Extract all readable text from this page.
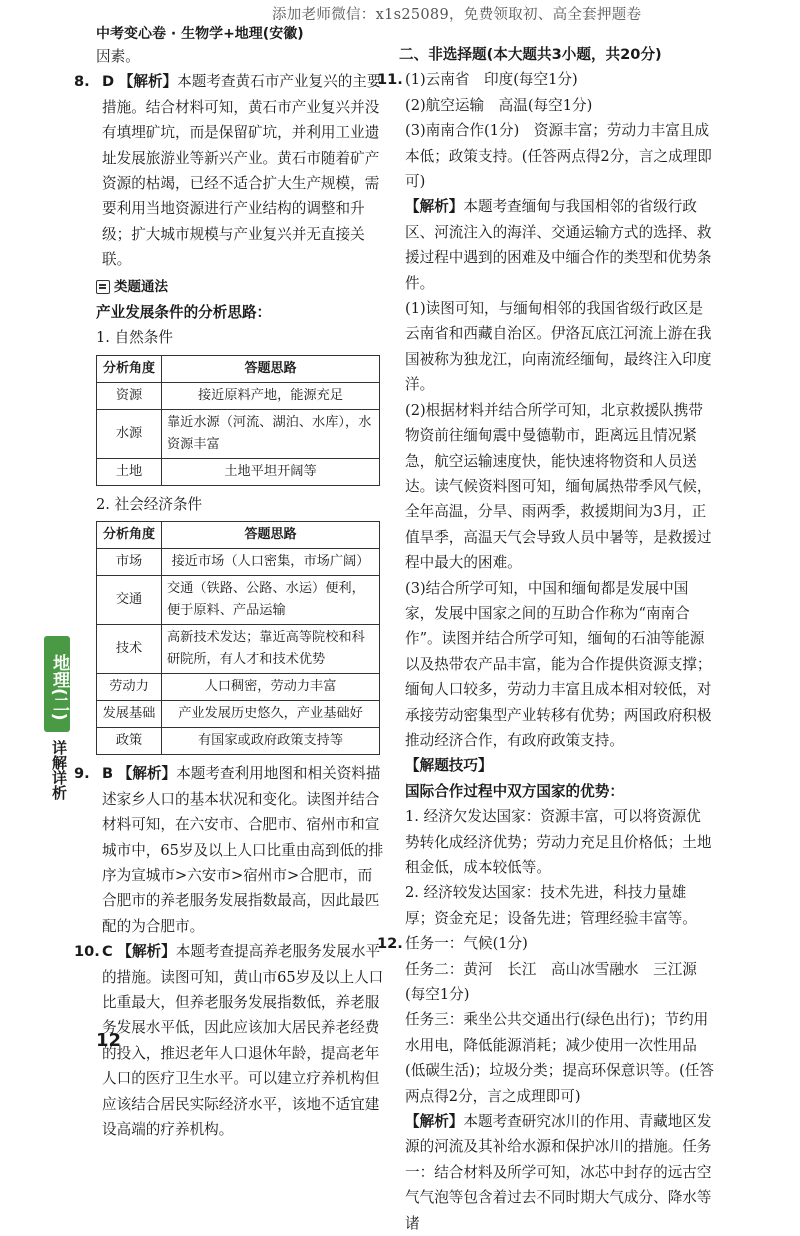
添加老师微信：x1s25089，免费领取初、高全套押题卷
中考变心卷 · 生物学+地理(安徽)

因素。

8. D 【解析】本题考查黄石市产业复兴的主要措施。结合材料可知，黄石市产业复兴并没有填埋矿坑，而是保留矿坑，并利用工业遗址发展旅游业等新兴产业。黄石市随着矿产资源的枯竭，已经不适合扩大生产规模，需要利用当地资源进行产业结构的调整和升级；扩大城市规模与产业复兴并无直接关联。
类题通法

产业发展条件的分析思路：

1. 自然条件

分析角度	答题思路
资源	接近原料产地，能源充足
水源	靠近水源（河流、湖泊、水库），水资源丰富
土地	土地平坦开阔等

2. 社会经济条件

分析角度	答题思路
市场	接近市场（人口密集，市场广阔）
交通	交通（铁路、公路、水运）便利，便于原料、产品运输
技术	高新技术发达；靠近高等院校和科研院所，有人才和技术优势
劳动力	人口稠密，劳动力丰富
发展基础	产业发展历史悠久，产业基础好
政策	有国家或政府政策支持等
9. B 【解析】本题考查利用地图和相关资料描述家乡人口的基本状况和变化。读图并结合材料可知，在六安市、合肥市、宿州市和宣城市中，65岁及以上人口比重由高到低的排序为宣城市>六安市>宿州市>合肥市，而合肥市的养老服务发展指数最高，因此最匹配的为合肥市。
10. C 【解析】本题考查提高养老服务发展水平的措施。读图可知，黄山市65岁及以上人口比重最大，但养老服务发展指数低，养老服务发展水平低，因此应该加大居民养老经费的投入，推迟老年人口退休年龄，提高老年人口的医疗卫生水平。可以建立疗养机构但应该结合居民实际经济水平，该地不适宜建设高端的疗养机构。

二、非选择题(本大题共3小题，共20分)

11. (1)云南省　印度(每空1分)

(2)航空运输　高温(每空1分)

(3)南南合作(1分)　资源丰富；劳动力丰富且成本低；政策支持。(任答两点得2分，言之成理即可)

【解析】本题考查缅甸与我国相邻的省级行政区、河流注入的海洋、交通运输方式的选择、救援过程中遇到的困难及中缅合作的类型和优势条件。

(1)读图可知，与缅甸相邻的我国省级行政区是云南省和西藏自治区。伊洛瓦底江河流上游在我国被称为独龙江，向南流经缅甸，最终注入印度洋。

(2)根据材料并结合所学可知，北京救援队携带物资前往缅甸震中曼德勒市，距离远且情况紧急，航空运输速度快，能快速将物资和人员送达。读气候资料图可知，缅甸属热带季风气候，全年高温，分旱、雨两季，救援期间为3月，正值旱季，高温天气会导致人员中暑等，是救援过程中最大的困难。

(3)结合所学可知，中国和缅甸都是发展中国家，发展中国家之间的互助合作称为“南南合作”。读图并结合所学可知，缅甸的石油等能源以及热带农产品丰富，能为合作提供资源支撑；缅甸人口较多，劳动力丰富且成本相对较低，对承接劳动密集型产业转移有优势；两国政府积极推动经济合作，有政府政策支持。

【解题技巧】

国际合作过程中双方国家的优势：

1. 经济欠发达国家：资源丰富，可以将资源优势转化成经济优势；劳动力充足且价格低；土地租金低，成本较低等。

2. 经济较发达国家：技术先进，科技力量雄厚；资金充足；设备先进；管理经验丰富等。

12. 任务一：气候(1分)

任务二：黄河　长江　高山冰雪融水　三江源(每空1分)

任务三：乘坐公共交通出行(绿色出行)；节约用水用电，降低能源消耗；减少使用一次性用品(低碳生活)；垃圾分类；提高环保意识等。(任答两点得2分，言之成理即可)

【解析】本题考查研究冰川的作用、青藏地区发源的河流及其补给水源和保护冰川的措施。任务一：结合材料及所学可知，冰芯中封存的远古空气气泡等包含着过去不同时期大气成分、降水等诸

地理(二)
详解详析
12
